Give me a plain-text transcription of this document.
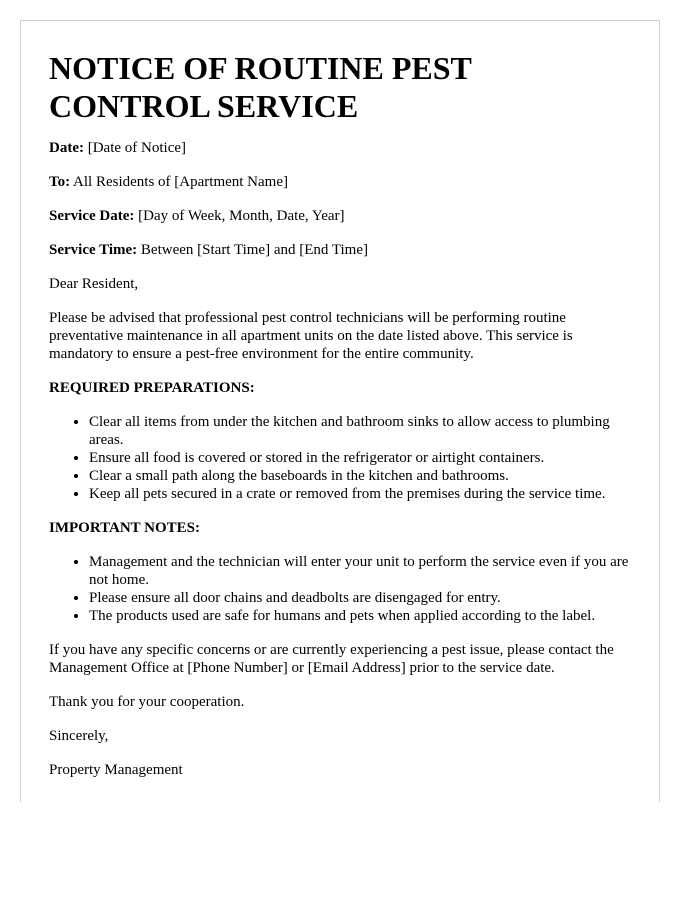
NOTICE OF ROUTINE PEST CONTROL SERVICE

Date: [Date of Notice]

To: All Residents of [Apartment Name]

Service Date: [Day of Week, Month, Date, Year]

Service Time: Between [Start Time] and [End Time]

Dear Resident,

Please be advised that professional pest control technicians will be performing routine preventative maintenance in all apartment units on the date listed above. This service is mandatory to ensure a pest-free environment for the entire community.

REQUIRED PREPARATIONS:
• Clear all items from under the kitchen and bathroom sinks to allow access to plumbing areas.
• Ensure all food is covered or stored in the refrigerator or airtight containers.
• Clear a small path along the baseboards in the kitchen and bathrooms.
• Keep all pets secured in a crate or removed from the premises during the service time.
IMPORTANT NOTES:
• Management and the technician will enter your unit to perform the service even if you are not home.
• Please ensure all door chains and deadbolts are disengaged for entry.
• The products used are safe for humans and pets when applied according to the label.

If you have any specific concerns or are currently experiencing a pest issue, please contact the Management Office at [Phone Number] or [Email Address] prior to the service date.

Thank you for your cooperation.

Sincerely,

Property Management
